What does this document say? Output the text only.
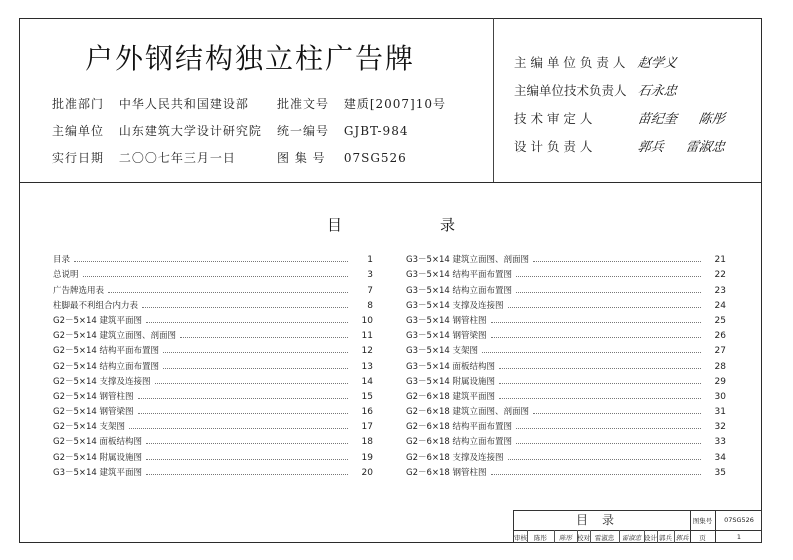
户外钢结构独立柱广告牌
批准部门 中华人民共和国建设部
主编单位 山东建筑大学设计研究院
实行日期 二〇〇七年三月一日
批准文号 建质[2007]10号
统一编号 GJBT-984
图 集 号 07SG526
主 编 单 位 负 责 人 赵学义
主编单位技术负责人 石永忠
技 术 审 定 人	苗纪奎 陈彤
设 计 负 责 人	郭兵 雷淑忠
目	录
目录	1
总说明	3
广告牌选用表	7
柱脚最不利组合内力表	8
G2－5×14 建筑平面图	10
G2－5×14 建筑立面图、剖面图	11
G2－5×14 结构平面布置图	12
G2－5×14 结构立面布置图	13
G2－5×14 支撑及连接图	14
G2－5×14 钢管柱图	15
G2－5×14 钢管梁图	16
G2－5×14 支架图	17
G2－5×14 面板结构图	18
G2－5×14 附属设施图	19
G3－5×14 建筑平面图	20
G3－5×14 建筑立面图、剖面图	21
G3－5×14 结构平面布置图	22
G3－5×14 结构立面布置图	23
G3－5×14 支撑及连接图	24
G3－5×14 钢管柱图	25
G3－5×14 钢管梁图	26
G3－5×14 支架图	27
G3－5×14 面板结构图	28
G3－5×14 附属设施图	29
G2－6×18 建筑平面图	30
G2－6×18 建筑立面图、剖面图	31
G2－6×18 结构平面布置图	32
G2－6×18 结构立面布置图	33
G2－6×18 支撑及连接图	34
G2－6×18 钢管柱图	35
目录	图集号	07SG526
页	1
审核	陈彤	陈彤 校对 雷淑忠	雷淑忠 设计 郭兵 郭兵
